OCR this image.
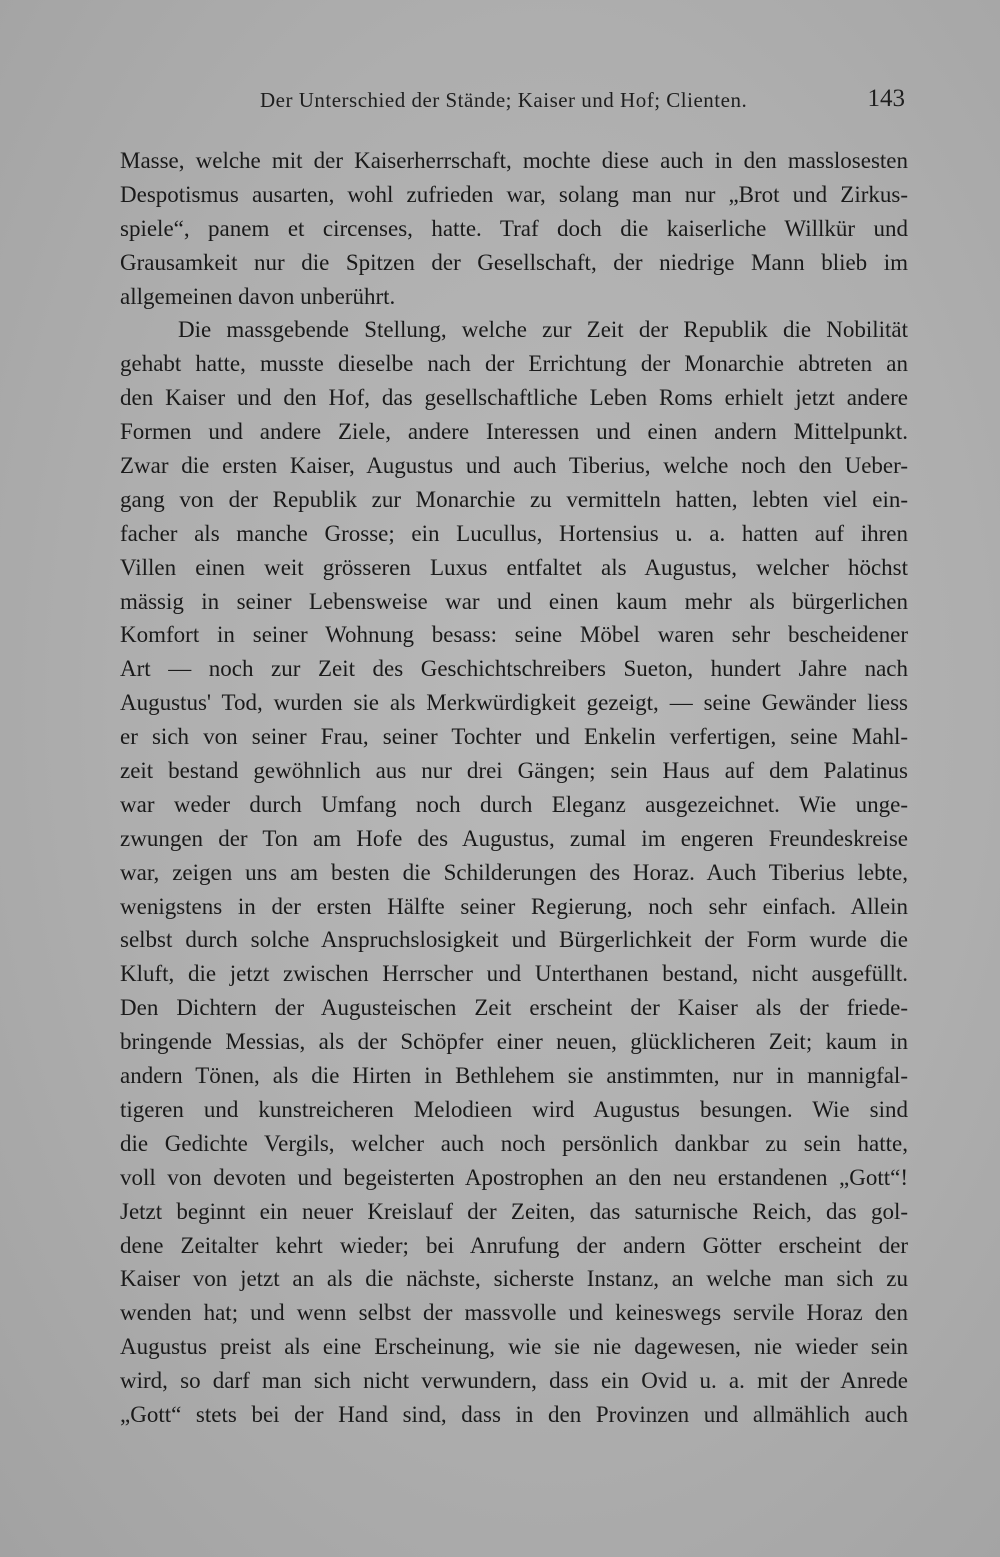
Der Unterschied der Stände; Kaiser und Hof; Clienten.	143
Masse, welche mit der Kaiserherrschaft, mochte diese auch in den masslosesten
Despotismus ausarten, wohl zufrieden war, solang man nur „Brot und Zirkus-
spiele“, panem et circenses, hatte. Traf doch die kaiserliche Willkür und
Grausamkeit nur die Spitzen der Gesellschaft, der niedrige Mann blieb im
allgemeinen davon unberührt.
Die massgebende Stellung, welche zur Zeit der Republik die Nobilität
gehabt hatte, musste dieselbe nach der Errichtung der Monarchie abtreten an
den Kaiser und den Hof, das gesellschaftliche Leben Roms erhielt jetzt andere
Formen und andere Ziele, andere Interessen und einen andern Mittelpunkt.
Zwar die ersten Kaiser, Augustus und auch Tiberius, welche noch den Ueber-
gang von der Republik zur Monarchie zu vermitteln hatten, lebten viel ein-
facher als manche Grosse; ein Lucullus, Hortensius u. a. hatten auf ihren
Villen einen weit grösseren Luxus entfaltet als Augustus, welcher höchst
mässig in seiner Lebensweise war und einen kaum mehr als bürgerlichen
Komfort in seiner Wohnung besass: seine Möbel waren sehr bescheidener
Art — noch zur Zeit des Geschichtschreibers Sueton, hundert Jahre nach
Augustus' Tod, wurden sie als Merkwürdigkeit gezeigt, — seine Gewänder liess
er sich von seiner Frau, seiner Tochter und Enkelin verfertigen, seine Mahl-
zeit bestand gewöhnlich aus nur drei Gängen; sein Haus auf dem Palatinus
war weder durch Umfang noch durch Eleganz ausgezeichnet. Wie unge-
zwungen der Ton am Hofe des Augustus, zumal im engeren Freundeskreise
war, zeigen uns am besten die Schilderungen des Horaz. Auch Tiberius lebte,
wenigstens in der ersten Hälfte seiner Regierung, noch sehr einfach. Allein
selbst durch solche Anspruchslosigkeit und Bürgerlichkeit der Form wurde die
Kluft, die jetzt zwischen Herrscher und Unterthanen bestand, nicht ausgefüllt.
Den Dichtern der Augusteischen Zeit erscheint der Kaiser als der friede-
bringende Messias, als der Schöpfer einer neuen, glücklicheren Zeit; kaum in
andern Tönen, als die Hirten in Bethlehem sie anstimmten, nur in mannigfal-
tigeren und kunstreicheren Melodieen wird Augustus besungen. Wie sind
die Gedichte Vergils, welcher auch noch persönlich dankbar zu sein hatte,
voll von devoten und begeisterten Apostrophen an den neu erstandenen „Gott“!
Jetzt beginnt ein neuer Kreislauf der Zeiten, das saturnische Reich, das gol-
dene Zeitalter kehrt wieder; bei Anrufung der andern Götter erscheint der
Kaiser von jetzt an als die nächste, sicherste Instanz, an welche man sich zu
wenden hat; und wenn selbst der massvolle und keineswegs servile Horaz den
Augustus preist als eine Erscheinung, wie sie nie dagewesen, nie wieder sein
wird, so darf man sich nicht verwundern, dass ein Ovid u. a. mit der Anrede
„Gott“ stets bei der Hand sind, dass in den Provinzen und allmählich auch
